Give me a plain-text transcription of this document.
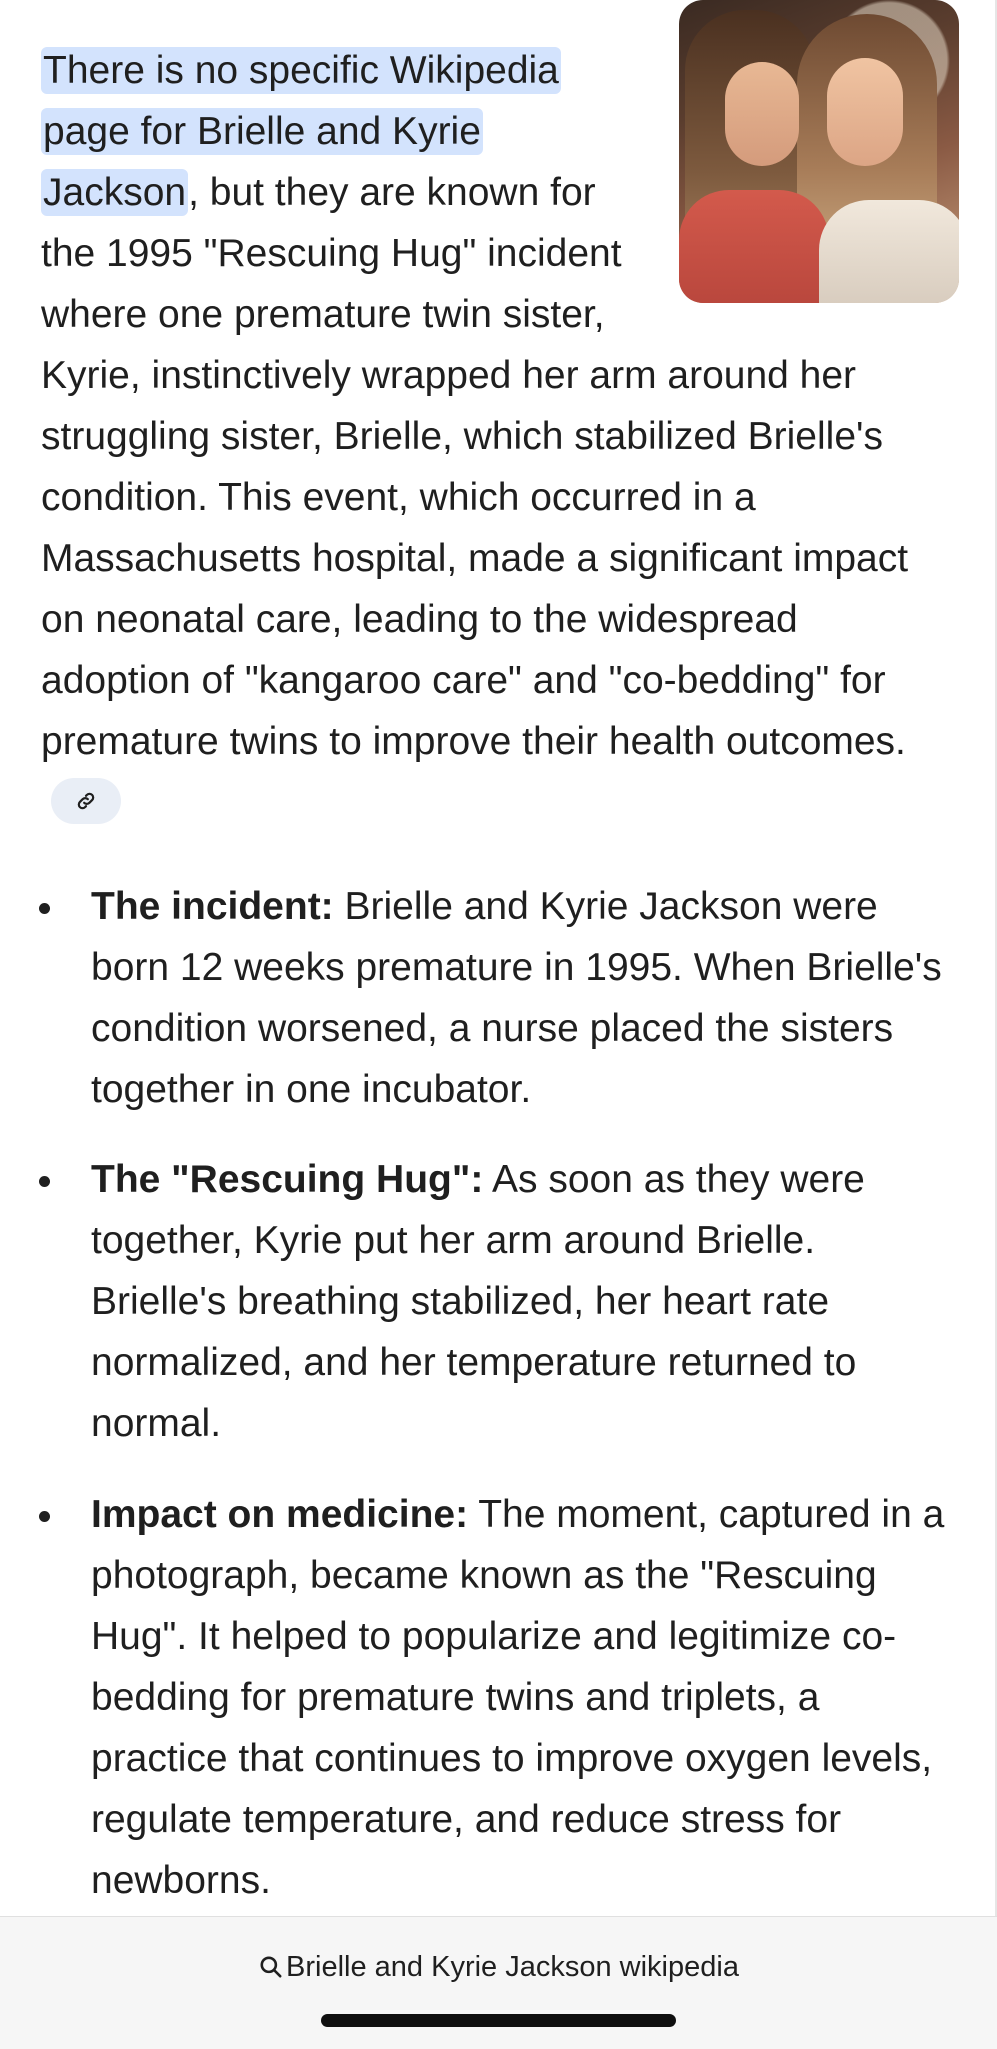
There is no specific Wikipedia page for Brielle and Kyrie Jackson, but they are known for the 1995 "Rescuing Hug" incident where one premature twin sister, Kyrie, instinctively wrapped her arm around her struggling sister, Brielle, which stabilized Brielle's condition. This event, which occurred in a Massachusetts hospital, made a significant impact on neonatal care, leading to the widespread adoption of "kangaroo care" and "co-bedding" for premature twins to improve their health outcomes.

The incident: Brielle and Kyrie Jackson were born 12 weeks premature in 1995. When Brielle's condition worsened, a nurse placed the sisters together in one incubator.
The "Rescuing Hug": As soon as they were together, Kyrie put her arm around Brielle. Brielle's breathing stabilized, her heart rate normalized, and her temperature returned to normal.
Impact on medicine: The moment, captured in a photograph, became known as the "Rescuing Hug". It helped to popularize and legitimize co-bedding for premature twins and triplets, a practice that continues to improve oxygen levels, regulate temperature, and reduce stress for newborns.
Brielle and Kyrie Jackson wikipedia
